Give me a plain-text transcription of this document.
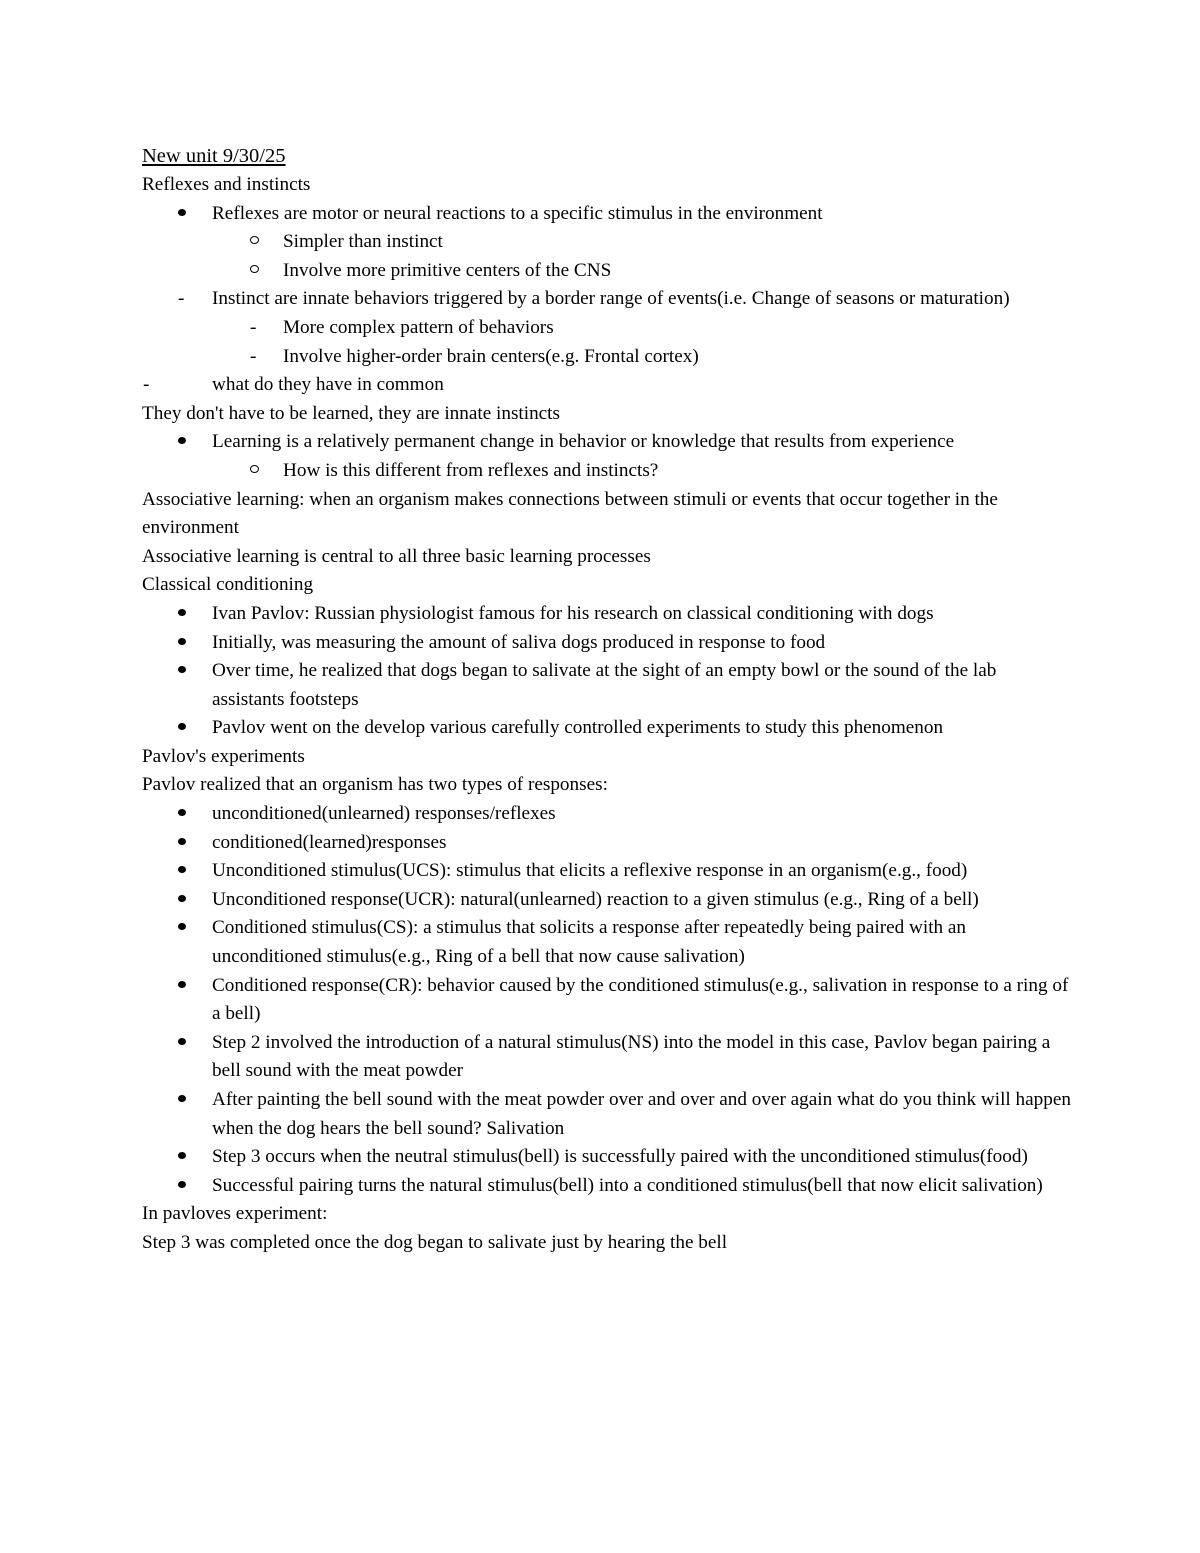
New unit 9/30/25

Reflexes and instincts

Reflexes are motor or neural reactions to a specific stimulus in the environment
Simpler than instinct
Involve more primitive centers of the CNS
-	Instinct are innate behaviors triggered by a border range of events(i.e. Change of seasons or maturation)
-	More complex pattern of behaviors
-	Involve higher-order brain centers(e.g. Frontal cortex)
-	what do they have in common

They don't have to be learned, they are innate instincts

Learning is a relatively permanent change in behavior or knowledge that results from experience
How is this different from reflexes and instincts?

Associative learning: when an organism makes connections between stimuli or events that occur together in the environment

Associative learning is central to all three basic learning processes

Classical conditioning

Ivan Pavlov: Russian physiologist famous for his research on classical conditioning with dogs
Initially, was measuring the amount of saliva dogs produced in response to food
Over time, he realized that dogs began to salivate at the sight of an empty bowl or the sound of the lab assistants footsteps
Pavlov went on the develop various carefully controlled experiments to study this phenomenon

Pavlov's experiments

Pavlov realized that an organism has two types of responses:

unconditioned(unlearned) responses/reflexes
conditioned(learned)responses
Unconditioned stimulus(UCS): stimulus that elicits a reflexive response in an organism(e.g., food)
Unconditioned response(UCR): natural(unlearned) reaction to a given stimulus (e.g., Ring of a bell)
Conditioned stimulus(CS): a stimulus that solicits a response after repeatedly being paired with an unconditioned stimulus(e.g., Ring of a bell that now cause salivation)
Conditioned response(CR): behavior caused by the conditioned stimulus(e.g., salivation in response to a ring of a bell)
Step 2 involved the introduction of a natural stimulus(NS) into the model in this case, Pavlov began pairing a bell sound with the meat powder
After painting the bell sound with the meat powder over and over and over again what do you think will happen when the dog hears the bell sound? Salivation
Step 3 occurs when the neutral stimulus(bell) is successfully paired with the unconditioned stimulus(food)
Successful pairing turns the natural stimulus(bell) into a conditioned stimulus(bell that now elicit salivation)

In pavloves experiment:

Step 3 was completed once the dog began to salivate just by hearing the bell
